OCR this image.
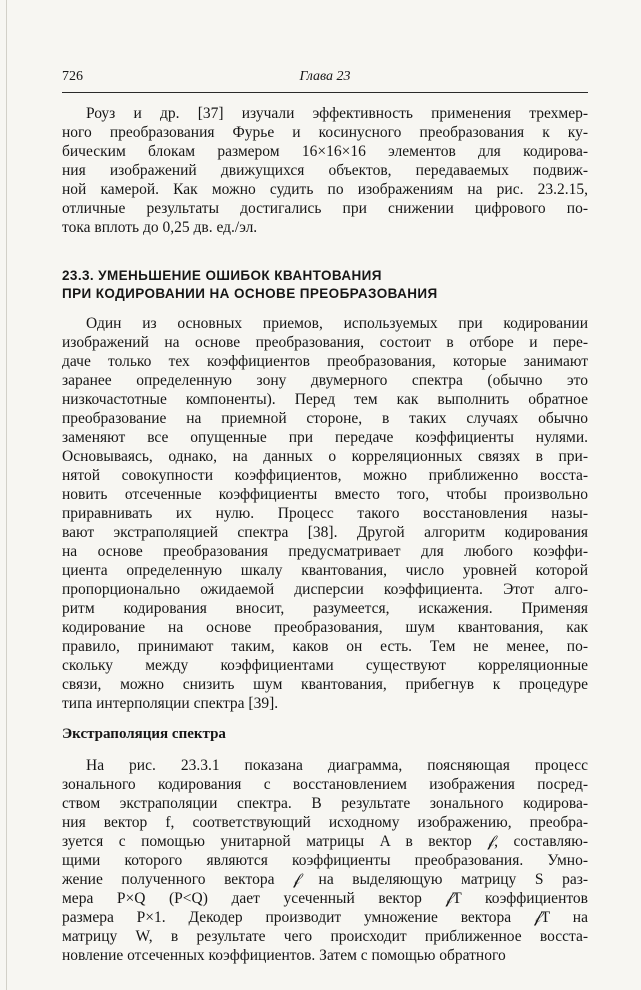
726	Глава 23
Роуз и др. [37] изучали эффективность применения трехмер-
ного преобразования Фурье и косинусного преобразования к ку-
бическим блокам размером 16×16×16 элементов для кодирова-
ния изображений движущихся объектов, передаваемых подвиж-
ной камерой. Как можно судить по изображениям на рис. 23.2.15,
отличные результаты достигались при снижении цифрового по-
тока вплоть до 0,25 дв. ед./эл.
23.3. УМЕНЬШЕНИЕ ОШИБОК КВАНТОВАНИЯ
ПРИ КОДИРОВАНИИ НА ОСНОВЕ ПРЕОБРАЗОВАНИЯ
Один из основных приемов, используемых при кодировании
изображений на основе преобразования, состоит в отборе и пере-
даче только тех коэффициентов преобразования, которые занимают
заранее определенную зону двумерного спектра (обычно это
низкочастотные компоненты). Перед тем как выполнить обратное
преобразование на приемной стороне, в таких случаях обычно
заменяют все опущенные при передаче коэффициенты нулями.
Основываясь, однако, на данных о корреляционных связях в при-
нятой совокупности коэффициентов, можно приближенно восста-
новить отсеченные коэффициенты вместо того, чтобы произвольно
приравнивать их нулю. Процесс такого восстановления назы-
вают экстраполяцией спектра [38]. Другой алгоритм кодирования
на основе преобразования предусматривает для любого коэффи-
циента определенную шкалу квантования, число уровней которой
пропорционально ожидаемой дисперсии коэффициента. Этот алго-
ритм кодирования вносит, разумеется, искажения. Применяя
кодирование на основе преобразования, шум квантования, как
правило, принимают таким, каков он есть. Тем не менее, по-
скольку между коэффициентами существуют корреляционные
связи, можно снизить шум квантования, прибегнув к процедуре
типа интерполяции спектра [39].
Экстраполяция спектра
На рис. 23.3.1 показана диаграмма, поясняющая процесс
зонального кодирования с восстановлением изображения посред-
ством экстраполяции спектра. В результате зонального кодирова-
ния вектор f, соответствующий исходному изображению, преобра-
зуется с помощью унитарной матрицы A в вектор 𝒻, составляю-
щими которого являются коэффициенты преобразования. Умно-
жение полученного вектора 𝒻 на выделяющую матрицу S раз-
мера P×Q (P<Q) дает усеченный вектор 𝒻T коэффициентов
размера P×1. Декодер производит умножение вектора 𝒻T на
матрицу W, в результате чего происходит приближенное восста-
новление отсеченных коэффициентов. Затем с помощью обратного
